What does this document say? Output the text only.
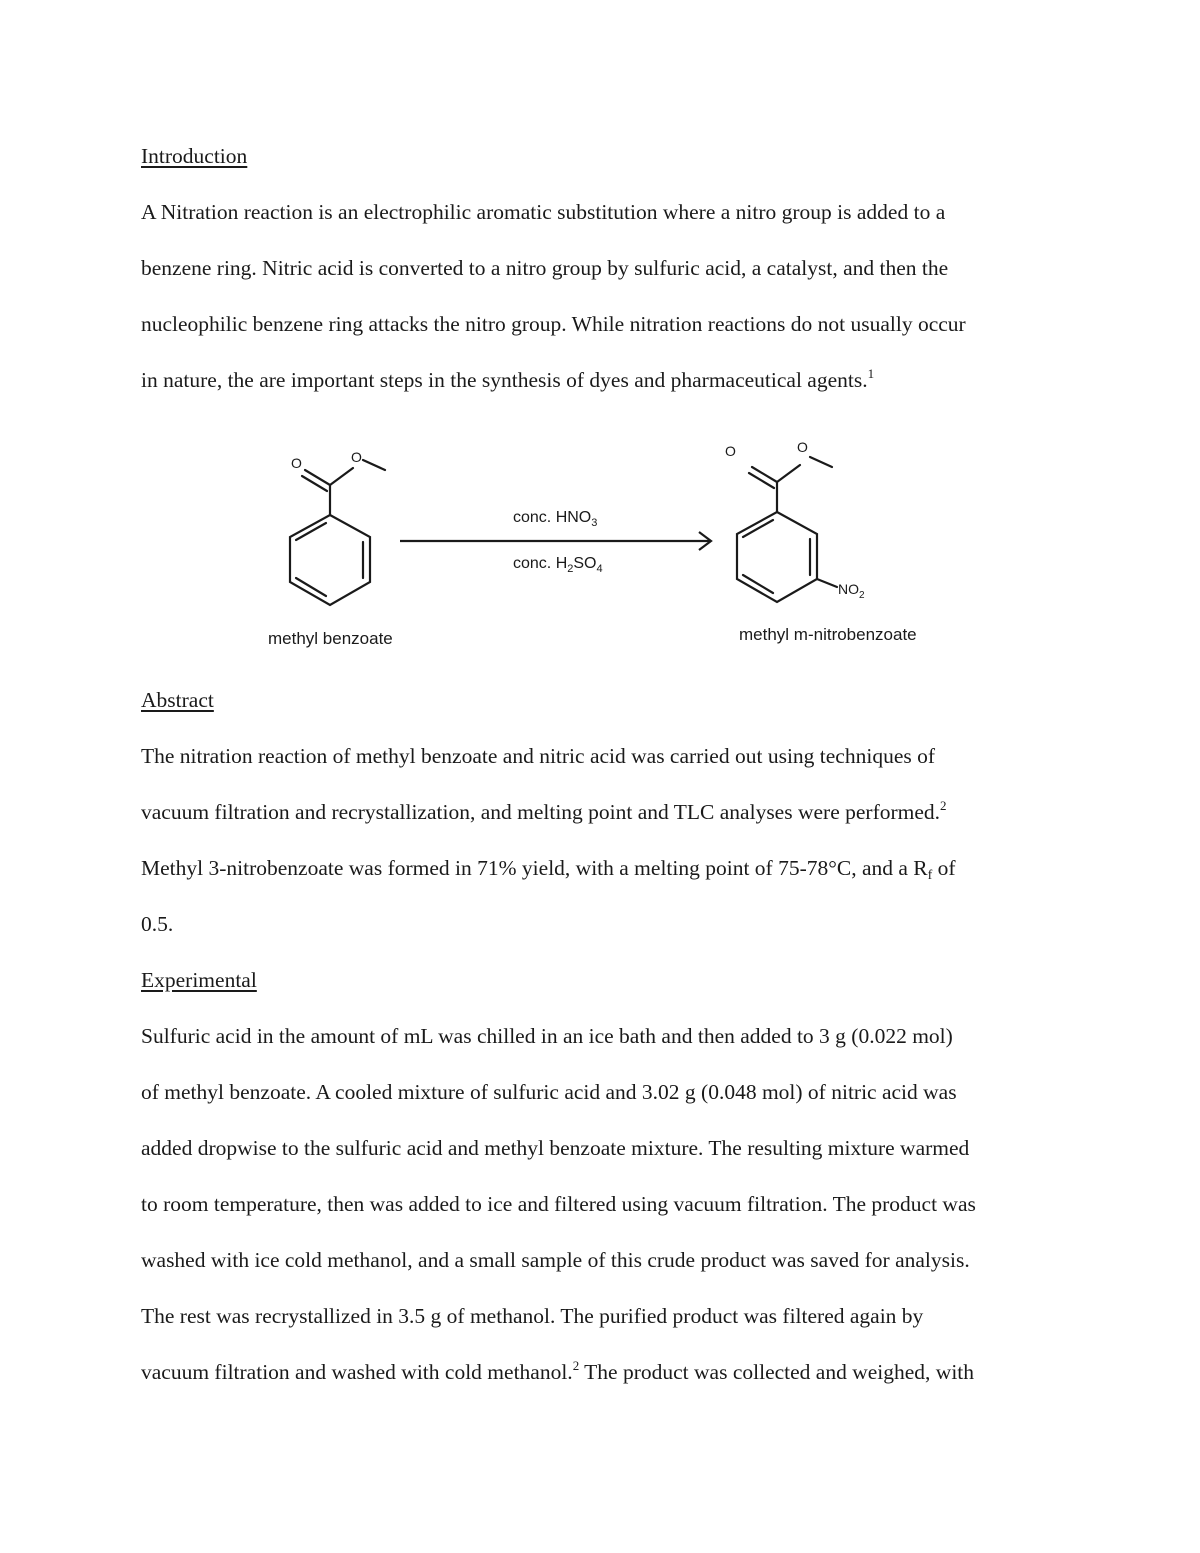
Introduction
A Nitration reaction is an electrophilic aromatic substitution where a nitro group is added to a
benzene ring. Nitric acid is converted to a nitro group by sulfuric acid, a catalyst, and then the
nucleophilic benzene ring attacks the nitro group. While nitration reactions do not usually occur
in nature, the are important steps in the synthesis of dyes and pharmaceutical agents.$^1$
O	O
conc. $HNO_3$
conc. $H_2SO_4$
O	O
$NO_2$
methyl benzoate	methyl m-nitrobenzoate
Abstract
The nitration reaction of methyl benzoate and nitric acid was carried out using techniques of
vacuum filtration and recrystallization, and melting point and TLC analyses were performed.$^2$
Methyl 3-nitrobenzoate was formed in 71% yield, with a melting point of 75-78°C, and a $R_f$ of
0.5.
Experimental
Sulfuric acid in the amount of mL was chilled in an ice bath and then added to 3 g (0.022 mol)
of methyl benzoate. A cooled mixture of sulfuric acid and 3.02 g (0.048 mol) of nitric acid was
added dropwise to the sulfuric acid and methyl benzoate mixture. The resulting mixture warmed
to room temperature, then was added to ice and filtered using vacuum filtration. The product was
washed with ice cold methanol, and a small sample of this crude product was saved for analysis.
The rest was recrystallized in 3.5 g of methanol. The purified product was filtered again by
vacuum filtration and washed with cold methanol.$^2$ The product was collected and weighed, with
